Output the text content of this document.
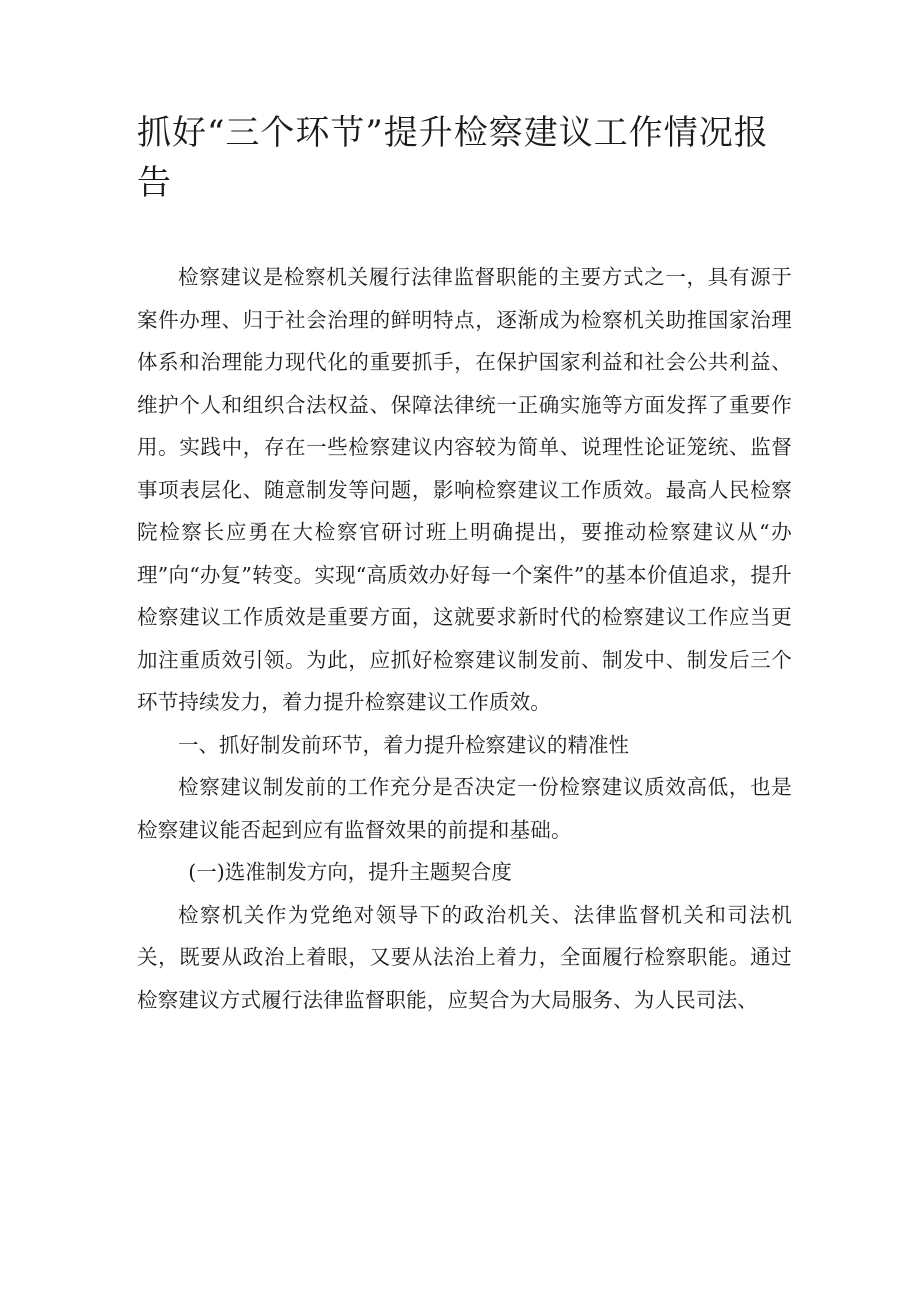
抓好“三个环节”提升检察建议工作情况报告

检察建议是检察机关履行法律监督职能的主要方式之一，具有源于案件办理、归于社会治理的鲜明特点，逐渐成为检察机关助推国家治理体系和治理能力现代化的重要抓手，在保护国家利益和社会公共利益、维护个人和组织合法权益、保障法律统一正确实施等方面发挥了重要作用。实践中，存在一些检察建议内容较为简单、说理性论证笼统、监督事项表层化、随意制发等问题，影响检察建议工作质效。最高人民检察院检察长应勇在大检察官研讨班上明确提出，要推动检察建议从“办理”向“办复”转变。实现“高质效办好每一个案件”的基本价值追求，提升检察建议工作质效是重要方面，这就要求新时代的检察建议工作应当更加注重质效引领。为此，应抓好检察建议制发前、制发中、制发后三个环节持续发力，着力提升检察建议工作质效。

一、抓好制发前环节，着力提升检察建议的精准性

检察建议制发前的工作充分是否决定一份检察建议质效高低，也是检察建议能否起到应有监督效果的前提和基础。

(一)选准制发方向，提升主题契合度

检察机关作为党绝对领导下的政治机关、法律监督机关和司法机关，既要从政治上着眼，又要从法治上着力，全面履行检察职能。通过检察建议方式履行法律监督职能，应契合为大局服务、为人民司法、
